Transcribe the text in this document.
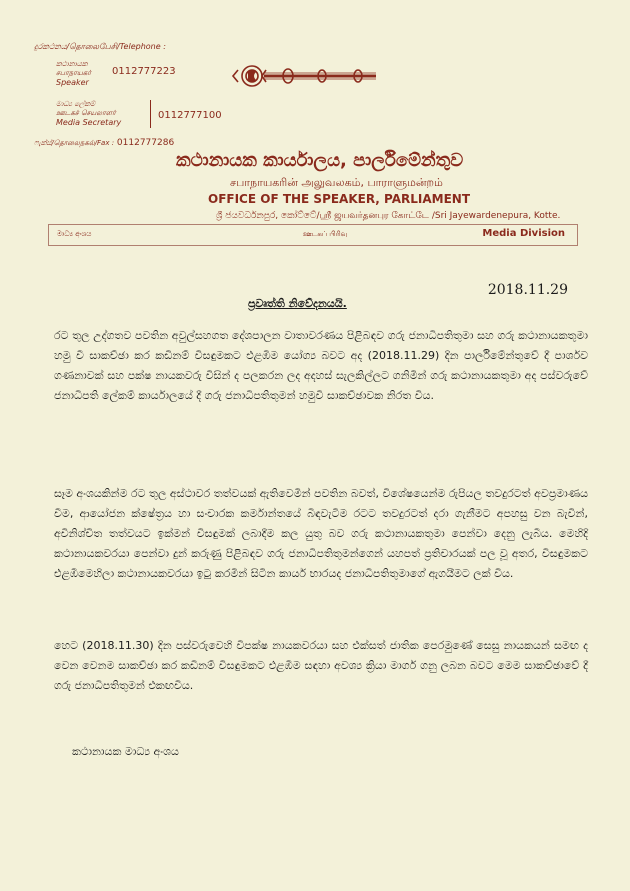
දුරකථනය/தொலைபேசி/Telephone :
කථානායක
சபாநாயகர்
Speaker
0112777223
මාධ්‍ය ලේකම්
ஊடகச் செயலாளர்
Media Secretary
0112777100
ෆැක්ස්/தொலைநகல்/Fax : 0112777286
කථානායක කාර්යාලය, පාර්ලිමේන්තුව
சபாநாயகரின் அலுவலகம், பாராளுமன்றம்
OFFICE OF THE SPEAKER, PARLIAMENT
ශ්‍රී ජයවර්ධනපුර, කෝට්ටේ/ஸ்ரீ ஜயவர்தனபுர கோட்டே /Sri Jayewardenepura, Kotte.
මාධ්‍ය අංශය	ஊடகப் பிரிவு	Media Division
2018.11.29
ප්‍රවෘත්ති නිවේදනයයි.
රට තුල උද්ගතව පවතින අවුල්සහගත දේශපාලන වාතාවරණය පිළිබඳව ගරු ජනාධිපතිතුමා සහ ගරු කථානායකතුමා හමු වී සාකච්ඡා කර කඩිනම් විසඳුමකට එළඹීම යෝග්‍ය බවට අද (2018.11.29) දින පාර්ලිමේන්තුවේ දී පාර්ශව ගණනාවක් සහ පක්ෂ නායකවරු විසින් ද පලකරන ලද අදහස් සැලකිල්ලට ගනිමින් ගරු කථානායකතුමා අද පස්වරුවේ ජනාධිපති ලේකම් කාර්යාලයේ දී ගරු ජනාධිපතිතුමන් හමුවී සාකච්ඡාවක නිරත විය.
සෑම අංශයකින්ම රට තුල අස්ථාවර තත්වයක් ඇතිවෙමින් පවතින බවත්, විශේෂයෙන්ම රුපියල තවදුරටත් අවප්‍රමාණය වීම, ආයෝජන ක්ෂේත්‍රය හා සංචාරක කර්මාන්තයේ බිඳවැටීම රටට තවදුරටත් දරා ගැනීමට අපහසු වන බැවින්, අවිනිශ්චිත තත්වයට ඉක්මන් විසඳුමක් ලබාදීම කල යුතු බව ගරු කථානායකතුමා පෙන්වා දෙනු ලැබීය. මෙහිදි කථානායකවරයා පෙන්වා දුන් කරුණු පිළිබඳව ගරු ජනාධිපතිතුමන්ගෙන් යහපත් ප්‍රතිචාරයක් පල වූ අතර, විසඳුමකට එළඹීමෙහිලා කථානායකවරයා ඉටු කරමින් සිටින කාර්ය භාරයද ජනාධිපතිතුමාගේ ඇගයීමට ලක් විය.
හෙට (2018.11.30) දින පස්වරුවෙහි විපක්ෂ නායකවරයා සහ එක්සත් ජාතික පෙරමුණේ සෙසු නායකයන් සමඟ ද වෙන වෙනම සාකච්ඡා කර කඩිනම් විසඳුමකට එළඹීම සඳහා අවශ්‍ය ක්‍රියා මාර්ග ගනු ලබන බවට මෙම සාකච්ඡාවේ දී ගරු ජනාධිපතිතුමන් එකඟවිය.
කථානායක මාධ්‍ය අංශය
